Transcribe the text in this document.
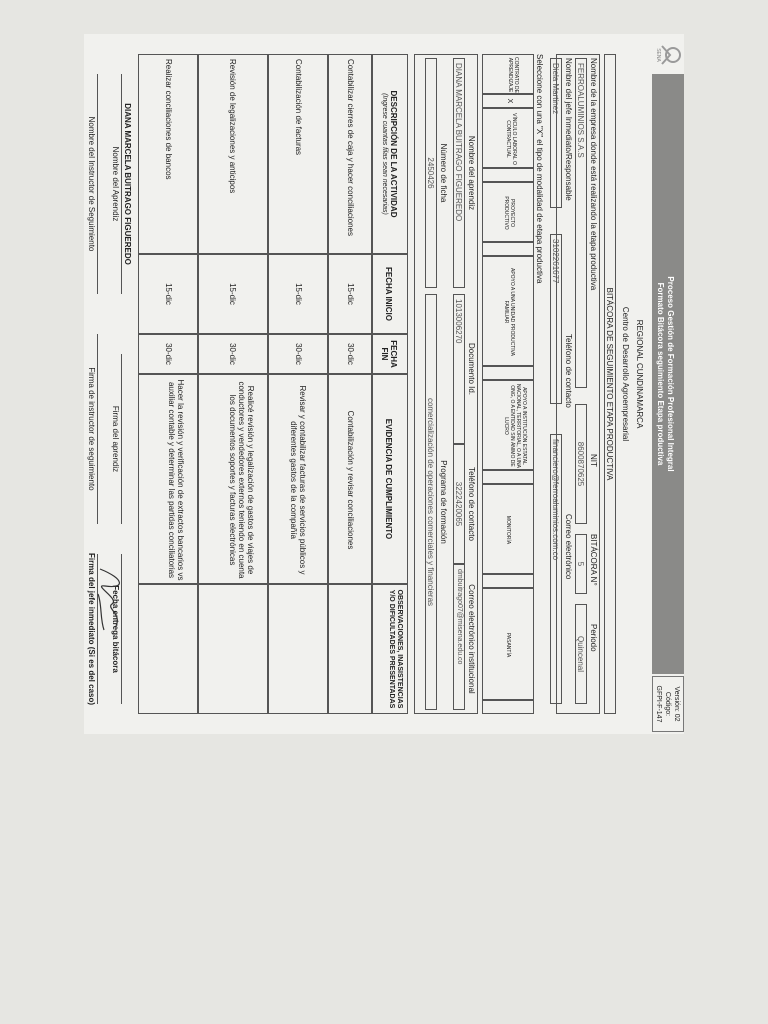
Proceso Gestión de Formación Profesional Integral
Formato Bitácora seguimiento Etapa productiva
SENA
Versión: 02
Código:
GFPI-F-147
REGIONAL CUNDINAMARCA
Centro de Desarrollo Agroempresarial
BITÁCORA DE SEGUIMIENTO ETAPA PRODUCTIVA
Nombre de la empresa donde está realizando la etapa productiva
FERROALUMINIOS S.A.S
NIT
8600870625
BITÁCORA N°
5
Periodo
Quincenal
Nombre del jefe Inmediato/Responsable
Teléfono de contacto
Correo electrónico
Diela Martinez
3102261677
financiero@ferroaluminios.com.co
Seleccione con una "X" el tipo de modalidad de etapa productiva
CONTRATO DE APRENDIZAJE
X
VÍNCULO LABORAL O CONTRACTUAL
PROYECTO PRODUCTIVO
APOYO A UNA UNIDAD PRODUCTIVA FAMILIAR
APOYO A INSTITUCIÓN ESTATAL NACIONAL, TERRITORIAL, O A UNA ONG, O A ENTIDAD SIN ÁNIMO DE LUCRO
MONITORÍA
PASANTÍA
Nombre del aprendiz
Documento Id.
Teléfono de contacto
Correo electrónico institucional
DIANA MARCELA BUITRAGO FIGUEREDO
1013006270
3222420065
dmbuitrago07@misena.edu.co
Número de ficha
Programa de formación
2450426
comercialización de operaciones comerciales y financieras
DESCRIPCIÓN DE LA ACTIVIDAD
(Ingrese cuantas filas sean necesarias)
FECHA INICIO
FECHA FIN
EVIDENCIA DE CUMPLIMIENTO
OBSERVACIONES, INASISTENCIAS Y/O DIFICULTADES PRESENTADAS
Contabilizar cierres de caja y hacer conciliaciones
15-dic
30-dic
Contabilización y revisar conciliaciones
Contabilización de facturas
15-dic
30-dic
Revisar y contabilizar facturas de servicios públicos y diferentes gastos de la compañía
Revisión de legalizaciones y anticipos
15-dic
30-dic
Realicé revisión y legalización de gastos de viajes de conductores y vendedores externos teniendo en cuenta los documentos soportes y facturas electrónicas
Realizar conciliaciones de bancos
15-dic
30-dic
Hacer la revisión y verificación de extractos bancarios vs auxiliar contable y determinar las partidas conciliatorias
DIANA MARCELA BUITRAGO FIGUEREDO
Nombre del Aprendiz
Firma del aprendiz
Fecha entrega bitácora
Nombre del Instructor de Seguimiento
Firma de instructor de seguimiento
Firma del jefe inmediato (Si es del caso)
